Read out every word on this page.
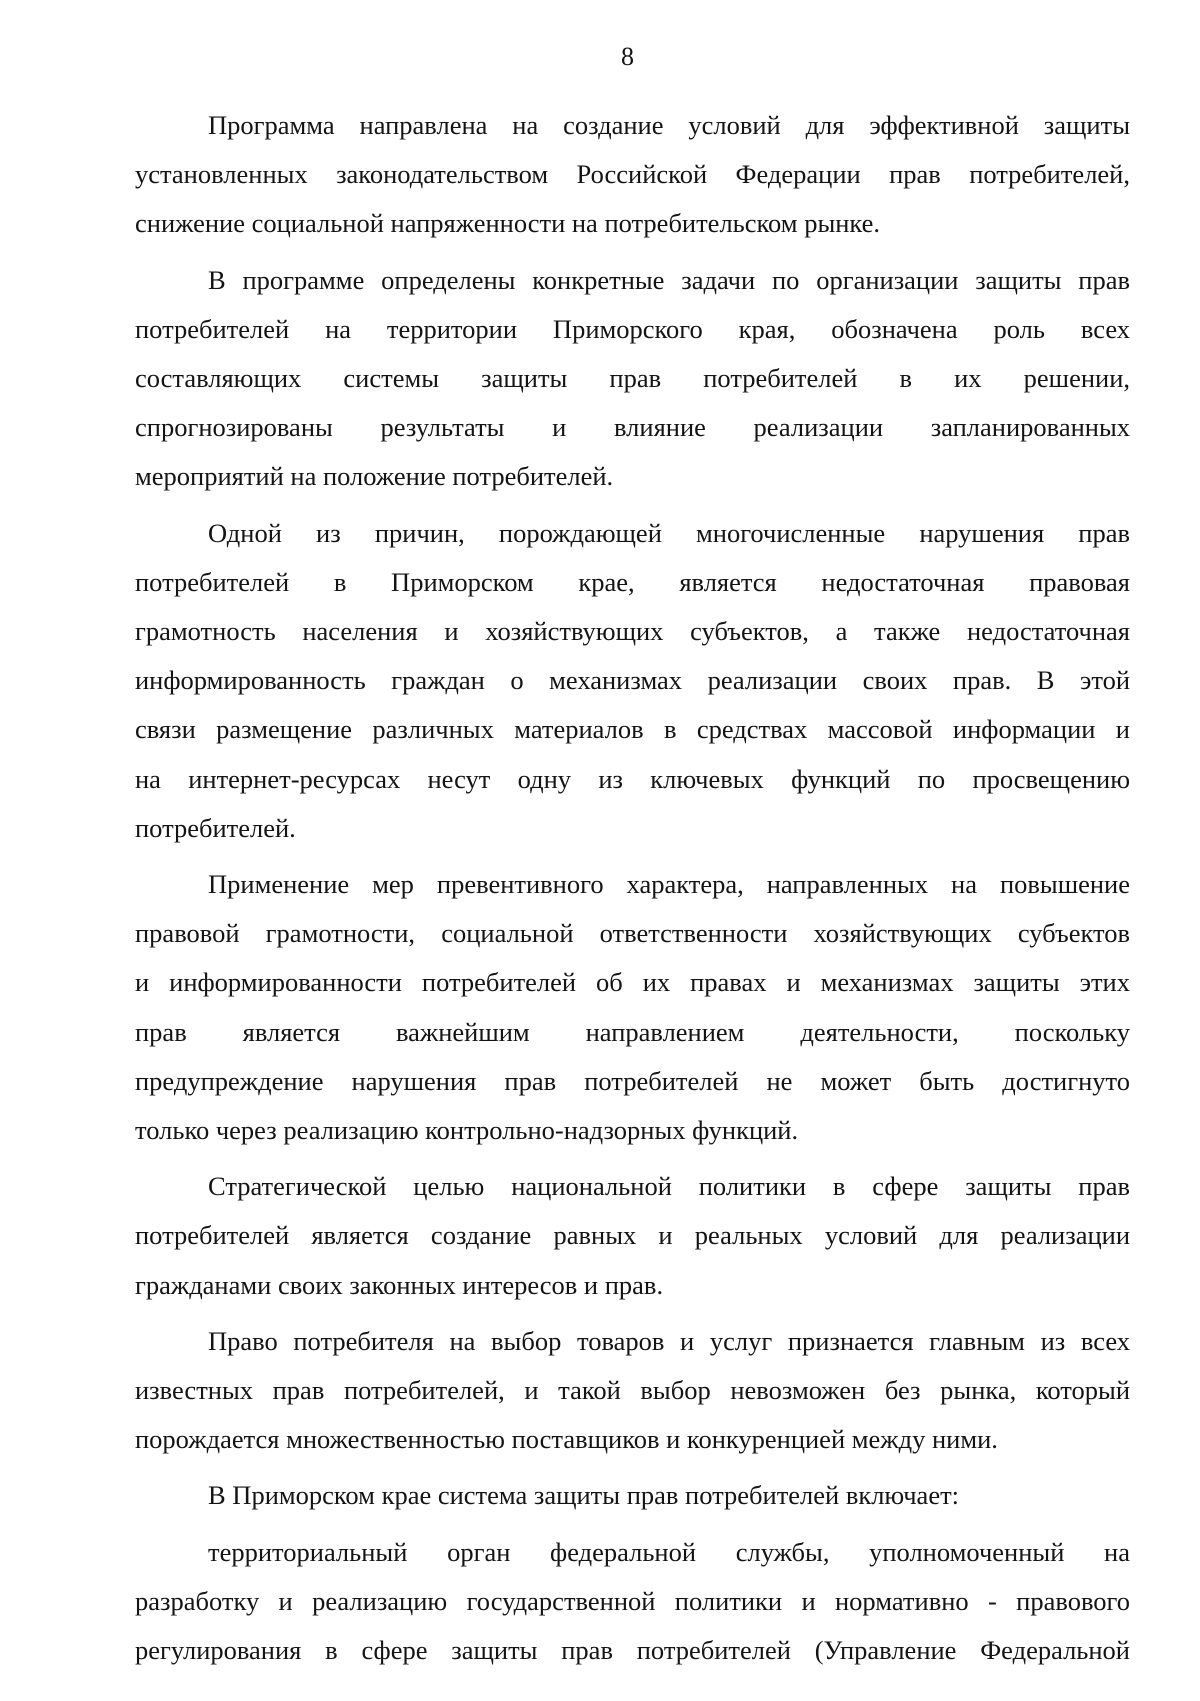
8

Программа направлена на создание условий для эффективной защиты
установленных законодательством Российской Федерации прав потребителей,
снижение социальной напряженности на потребительском рынке.

В программе определены конкретные задачи по организации защиты прав
потребителей на территории Приморского края, обозначена роль всех
составляющих системы защиты прав потребителей в их решении,
спрогнозированы результаты и влияние реализации запланированных
мероприятий на положение потребителей.

Одной из причин, порождающей многочисленные нарушения прав
потребителей в Приморском крае, является недостаточная правовая
грамотность населения и хозяйствующих субъектов, а также недостаточная
информированность граждан о механизмах реализации своих прав. В этой
связи размещение различных материалов в средствах массовой информации и
на интернет-ресурсах несут одну из ключевых функций по просвещению
потребителей.

Применение мер превентивного характера, направленных на повышение
правовой грамотности, социальной ответственности хозяйствующих субъектов
и информированности потребителей об их правах и механизмах защиты этих
прав является важнейшим направлением деятельности, поскольку
предупреждение нарушения прав потребителей не может быть достигнуто
только через реализацию контрольно-надзорных функций.

Стратегической целью национальной политики в сфере защиты прав
потребителей является создание равных и реальных условий для реализации
гражданами своих законных интересов и прав.

Право потребителя на выбор товаров и услуг признается главным из всех
известных прав потребителей, и такой выбор невозможен без рынка, который
порождается множественностью поставщиков и конкуренцией между ними.

В Приморском крае система защиты прав потребителей включает:

территориальный орган федеральной службы, уполномоченный на
разработку и реализацию государственной политики и нормативно - правового
регулирования в сфере защиты прав потребителей (Управление Федеральной
